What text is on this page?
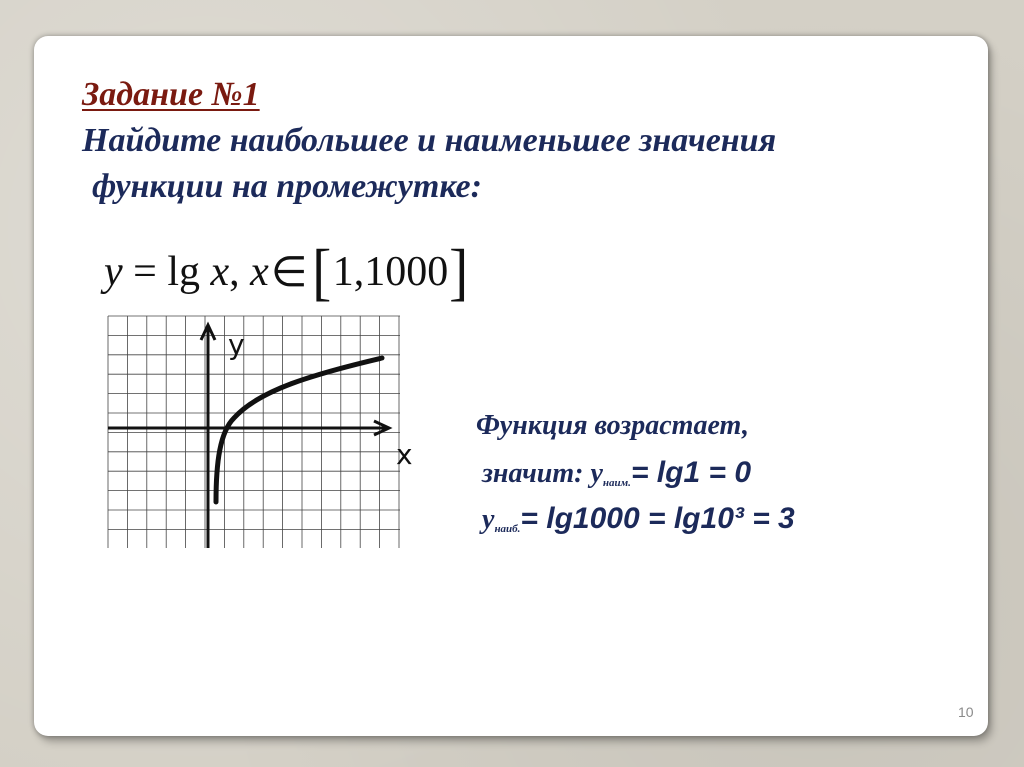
Задание №1
Найдите наибольшее и наименьшее значения
функции на промежутке:
y = lg x , x ∈ [ 1,1000 ]
y
x
Функция возрастает,
значит: $y_{наим.}= \lg 1 = 0$
$y_{наиб.}= \lg 1000 = \lg 10^3 = 3$
10
